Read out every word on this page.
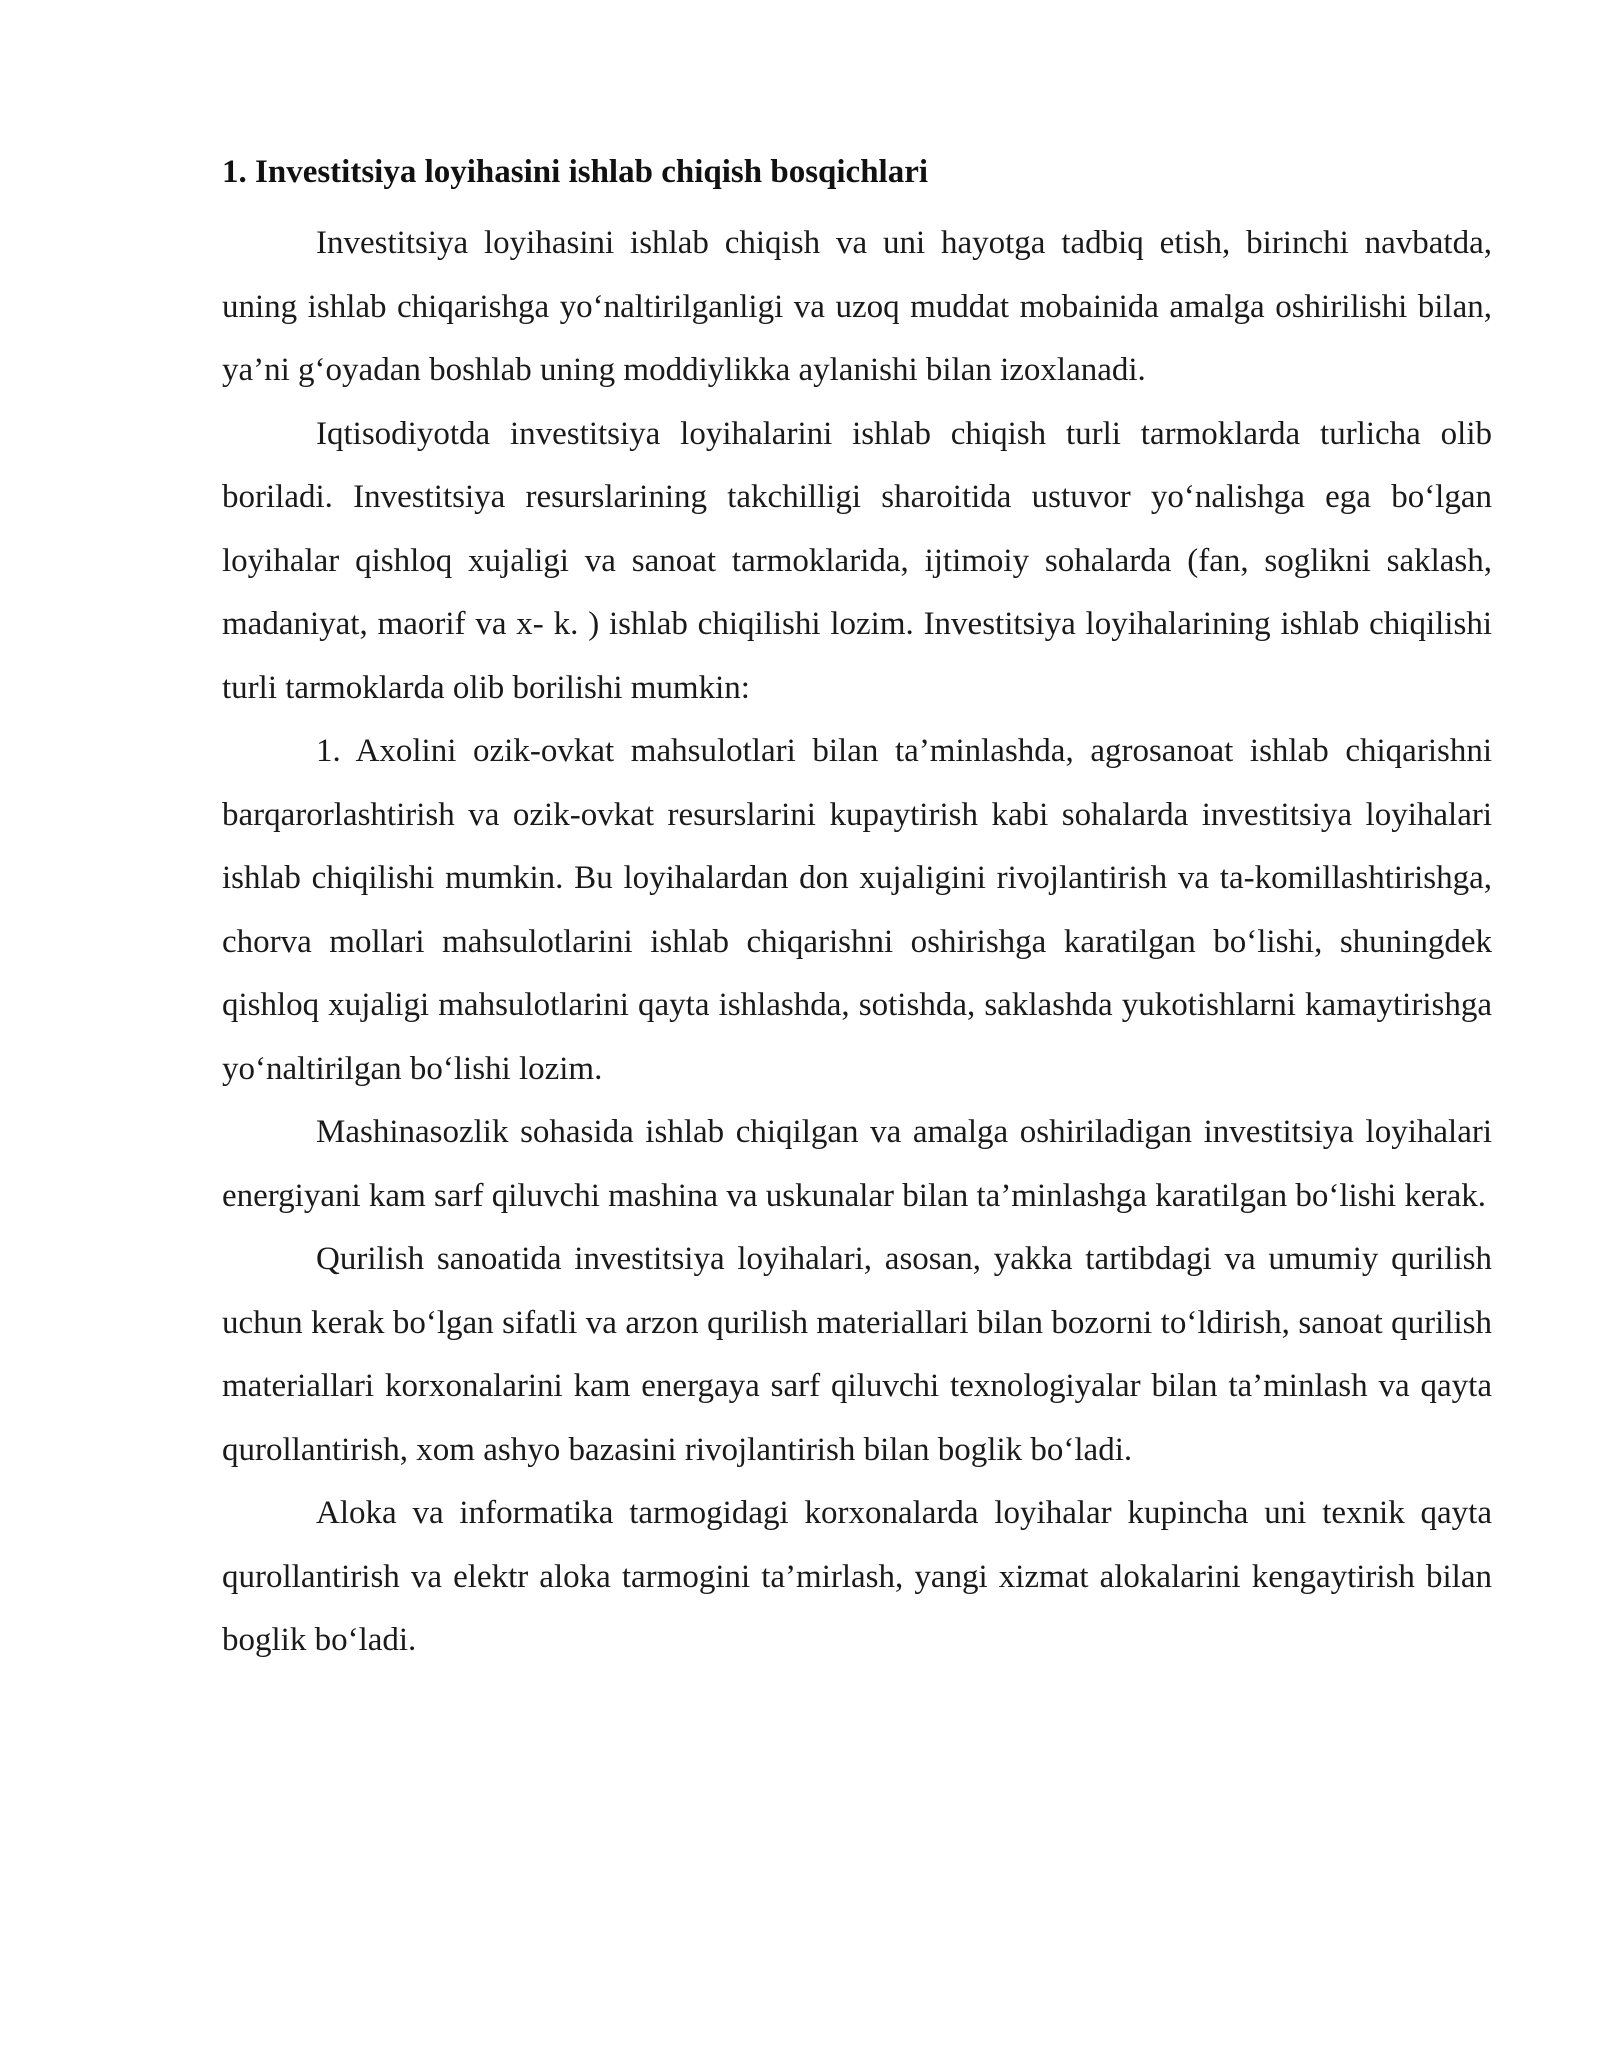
1. Investitsiya loyihasini ishlab chiqish bosqichlari

Investitsiya loyihasini ishlab chiqish va uni hayotga tadbiq etish, birinchi navbatda, uning ishlab chiqarishga yo‘naltirilganligi va uzoq muddat mobainida amalga oshirilishi bilan, ya’ni g‘oyadan boshlab uning moddiylikka aylanishi bilan izoxlanadi.

Iqtisodiyotda investitsiya loyihalarini ishlab chiqish turli tarmoklarda turlicha olib boriladi. Investitsiya resurslarining takchilligi sharoitida ustuvor yo‘nalishga ega bo‘lgan loyihalar qishloq xujaligi va sanoat tarmoklarida, ijtimoiy sohalarda (fan, soglikni saklash, madaniyat, maorif va x- k. ) ishlab chiqilishi lozim. Investitsiya loyihalarining ishlab chiqilishi turli tarmoklarda olib borilishi mumkin:

1. Axolini ozik-ovkat mahsulotlari bilan ta’minlashda, agrosanoat ishlab chiqarishni barqarorlashtirish va ozik-ovkat resurslarini kupaytirish kabi sohalarda investitsiya loyihalari ishlab chiqilishi mumkin. Bu loyihalardan don xujaligini rivojlantirish va ta-komillashtirishga, chorva mollari mahsulotlarini ishlab chiqarishni oshirishga karatilgan bo‘lishi, shuningdek qishloq xujaligi mahsulotlarini qayta ishlashda, sotishda, saklashda yukotishlarni kamaytirishga yo‘naltirilgan bo‘lishi lozim.

Mashinasozlik sohasida ishlab chiqilgan va amalga oshiriladigan investitsiya loyihalari energiyani kam sarf qiluvchi mashina va uskunalar bilan ta’minlashga karatilgan bo‘lishi kerak.

Qurilish sanoatida investitsiya loyihalari, asosan, yakka tartibdagi va umumiy qurilish uchun kerak bo‘lgan sifatli va arzon qurilish materiallari bilan bozorni to‘ldirish, sanoat qurilish materiallari korxonalarini kam energaya sarf qiluvchi texnologiyalar bilan ta’minlash va qayta qurollantirish, xom ashyo bazasini rivojlantirish bilan boglik bo‘ladi.

Aloka va informatika tarmogidagi korxonalarda loyihalar kupincha uni texnik qayta qurollantirish va elektr aloka tarmogini ta’mirlash, yangi xizmat alokalarini kengaytirish bilan boglik bo‘ladi.
